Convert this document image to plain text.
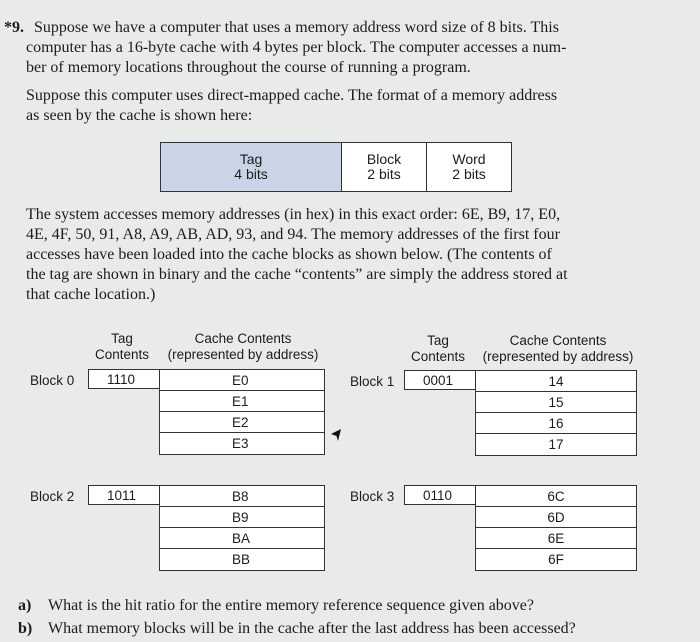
*9. Suppose we have a computer that uses a memory address word size of 8 bits. This
computer has a 16-byte cache with 4 bytes per block. The computer accesses a num-
ber of memory locations throughout the course of running a program.
Suppose this computer uses direct-mapped cache. The format of a memory address
as seen by the cache is shown here:
Tag
4 bits
Block
2 bits
Word
2 bits
The system accesses memory addresses (in hex) in this exact order: 6E, B9, 17, E0,
4E, 4F, 50, 91, A8, A9, AB, AD, 93, and 94. The memory addresses of the first four
accesses have been loaded into the cache blocks as shown below. (The contents of
the tag are shown in binary and the cache “contents” are simply the address stored at
that cache location.)
Tag
Contents
Cache Contents
(represented by address)
Tag
Contents
Cache Contents
(represented by address)
Block 0	1110	E0
E1
E2
E3
Block 1	0001	14
15
16
17
Block 2	1011	B8
B9
BA
BB
Block 3	0110	6C
6D
6E
6F
a) What is the hit ratio for the entire memory reference sequence given above?
b) What memory blocks will be in the cache after the last address has been accessed?
